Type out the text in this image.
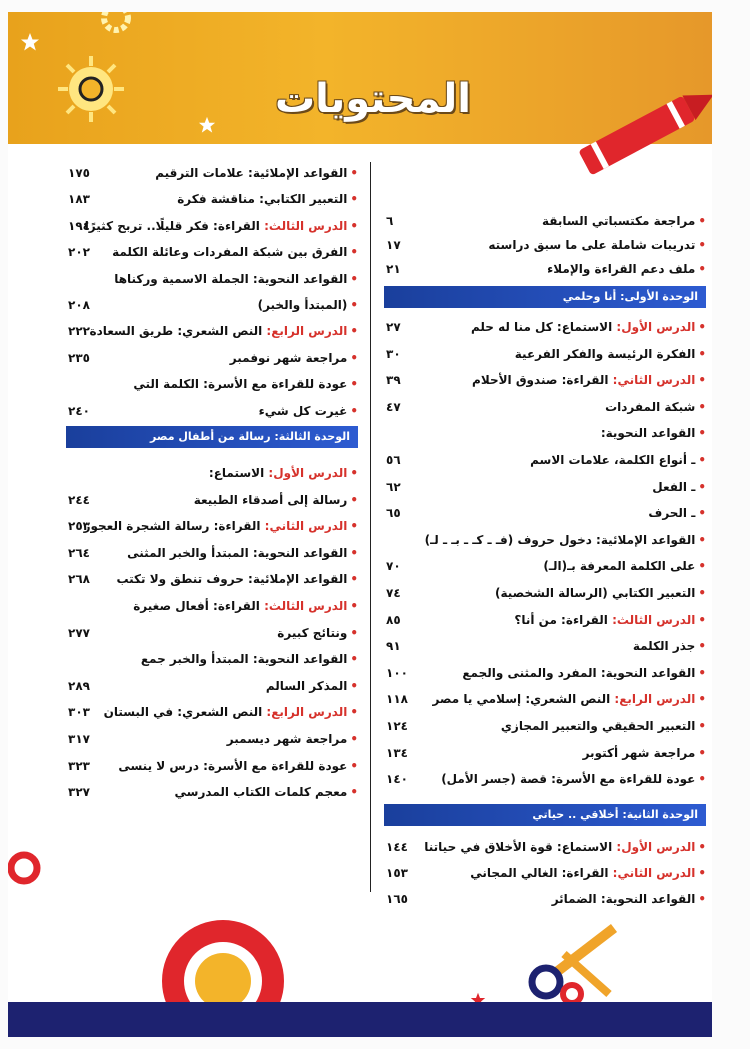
المحتويات
•مراجعة مكتسباتي السابقة
٦
•تدريبات شاملة على ما سبق دراسته
١٧
•ملف دعم القراءة والإملاء
٢١
الوحدة الأولى: أنا وحلمي
•الدرس الأول: الاستماع: كل منا له حلم
٢٧
•الفكرة الرئيسة والفكر الفرعية
٣٠
•الدرس الثاني: القراءة: صندوق الأحلام
٣٩
•شبكة المفردات
٤٧
•القواعد النحوية:
•ـ أنواع الكلمة، علامات الاسم
٥٦
•ـ الفعل
٦٢
•ـ الحرف
٦٥
•القواعد الإملائية: دخول حروف (فـ ـ كـ ـ بـ ـ لـ)
•على الكلمة المعرفة بـ(الـ)
٧٠
•التعبير الكتابي (الرسالة الشخصية)
٧٤
•الدرس الثالث: القراءة: من أنا؟
٨٥
•جذر الكلمة
٩١
•القواعد النحوية: المفرد والمثنى والجمع
١٠٠
•الدرس الرابع: النص الشعري: إسلامي يا مصر
١١٨
•التعبير الحقيقي والتعبير المجازي
١٢٤
•مراجعة شهر أكتوبر
١٣٤
•عودة للقراءة مع الأسرة: قصة (جسر الأمل)
١٤٠
الوحدة الثانية: أخلاقي .. حياتي
•الدرس الأول: الاستماع: قوة الأخلاق في حياتنا
١٤٤
•الدرس الثاني: القراءة: الغالي المجاني
١٥٣
•القواعد النحوية: الضمائر
١٦٥
•القواعد الإملائية: علامات الترقيم
١٧٥
•التعبير الكتابي: مناقشة فكرة
١٨٣
•الدرس الثالث: القراءة: فكر قليلًا.. تربح كثيرًا
١٩٤
•الفرق بين شبكة المفردات وعائلة الكلمة
٢٠٢
•القواعد النحوية: الجملة الاسمية وركناها
•(المبتدأ والخبر)
٢٠٨
•الدرس الرابع: النص الشعري: طريق السعادة
٢٢٢
•مراجعة شهر نوفمبر
٢٣٥
•عودة للقراءة مع الأسرة: الكلمة التي
•غيرت كل شيء
٢٤٠
الوحدة الثالثة: رسالة من أطفال مصر
•الدرس الأول: الاستماع:
•رسالة إلى أصدقاء الطبيعة
٢٤٤
•الدرس الثاني: القراءة: رسالة الشجرة العجوز
٢٥٣
•القواعد النحوية: المبتدأ والخبر المثنى
٢٦٤
•القواعد الإملائية: حروف تنطق ولا تكتب
٢٦٨
•الدرس الثالث: القراءة: أفعال صغيرة
•ونتائج كبيرة
٢٧٧
•القواعد النحوية: المبتدأ والخبر جمع
•المذكر السالم
٢٨٩
•الدرس الرابع: النص الشعري: في البستان
٣٠٣
•مراجعة شهر ديسمبر
٣١٧
•عودة للقراءة مع الأسرة: درس لا ينسى
٣٢٣
•معجم كلمات الكتاب المدرسي
٣٢٧
